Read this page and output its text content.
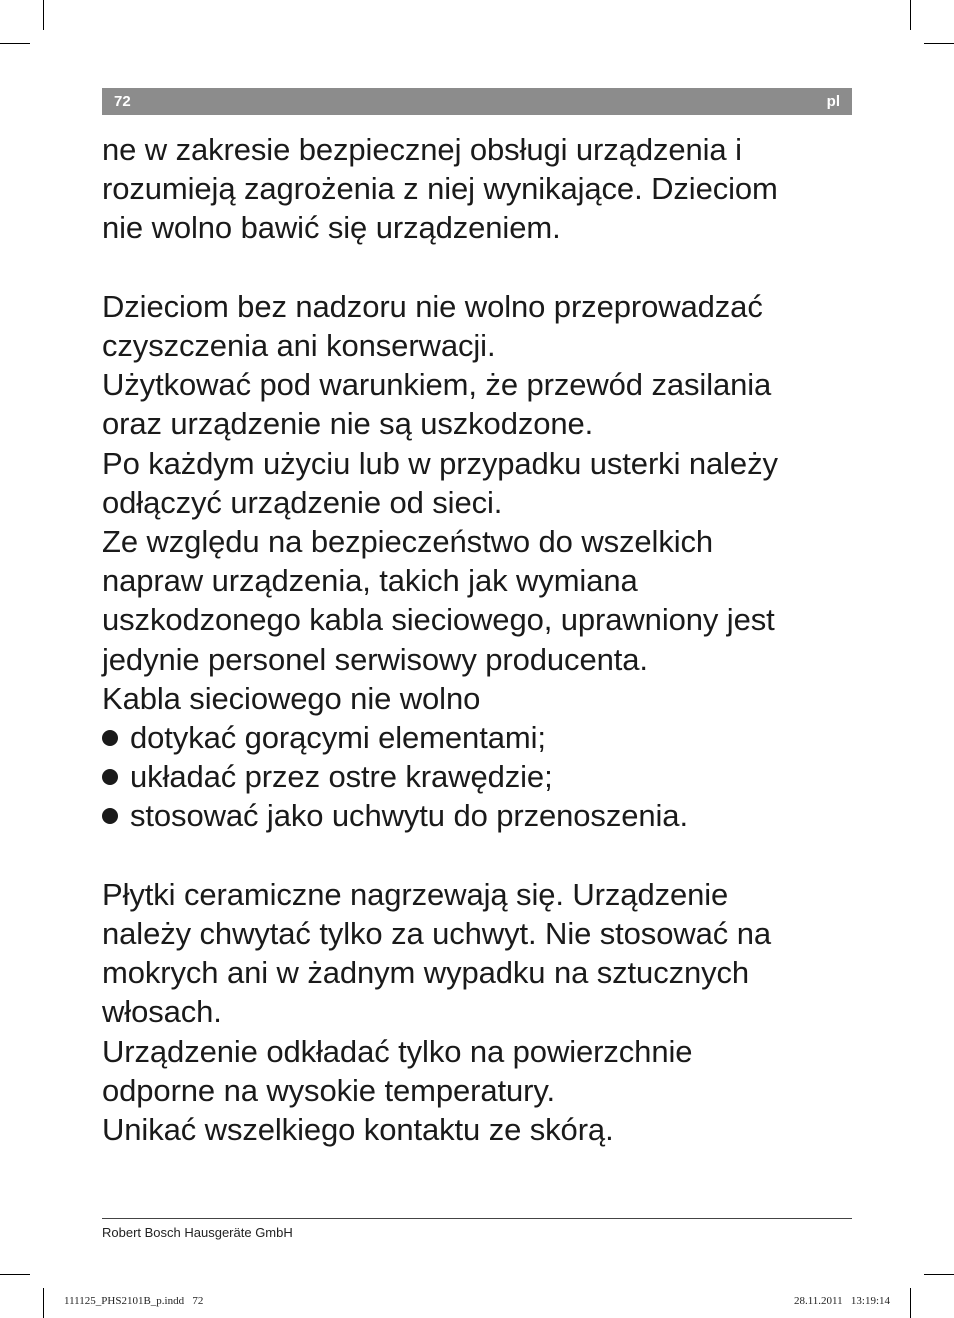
72	pl
ne w zakresie bezpiecznej obsługi urządzenia i
rozumieją zagrożenia z niej wynikające. Dzieciom
nie wolno bawić się urządzeniem.
Dzieciom bez nadzoru nie wolno przeprowadzać
czyszczenia ani konserwacji.
Użytkować pod warunkiem, że przewód zasilania
oraz urządzenie nie są uszkodzone.
Po każdym użyciu lub w przypadku usterki należy
odłączyć urządzenie od sieci.
Ze względu na bezpieczeństwo do wszelkich
napraw urządzenia, takich jak wymiana
uszkodzonego kabla sieciowego, uprawniony jest
jedynie personel serwisowy producenta.
Kabla sieciowego nie wolno
dotykać gorącymi elementami;
układać przez ostre krawędzie;
stosować jako uchwytu do przenoszenia.
Płytki ceramiczne nagrzewają się. Urządzenie
należy chwytać tylko za uchwyt. Nie stosować na
mokrych ani w żadnym wypadku na sztucznych
włosach.
Urządzenie odkładać tylko na powierzchnie
odporne na wysokie temperatury.
Unikać wszelkiego kontaktu ze skórą.
Robert Bosch Hausgeräte GmbH
111125_PHS2101B_p.indd   72	28.11.2011   13:19:14
